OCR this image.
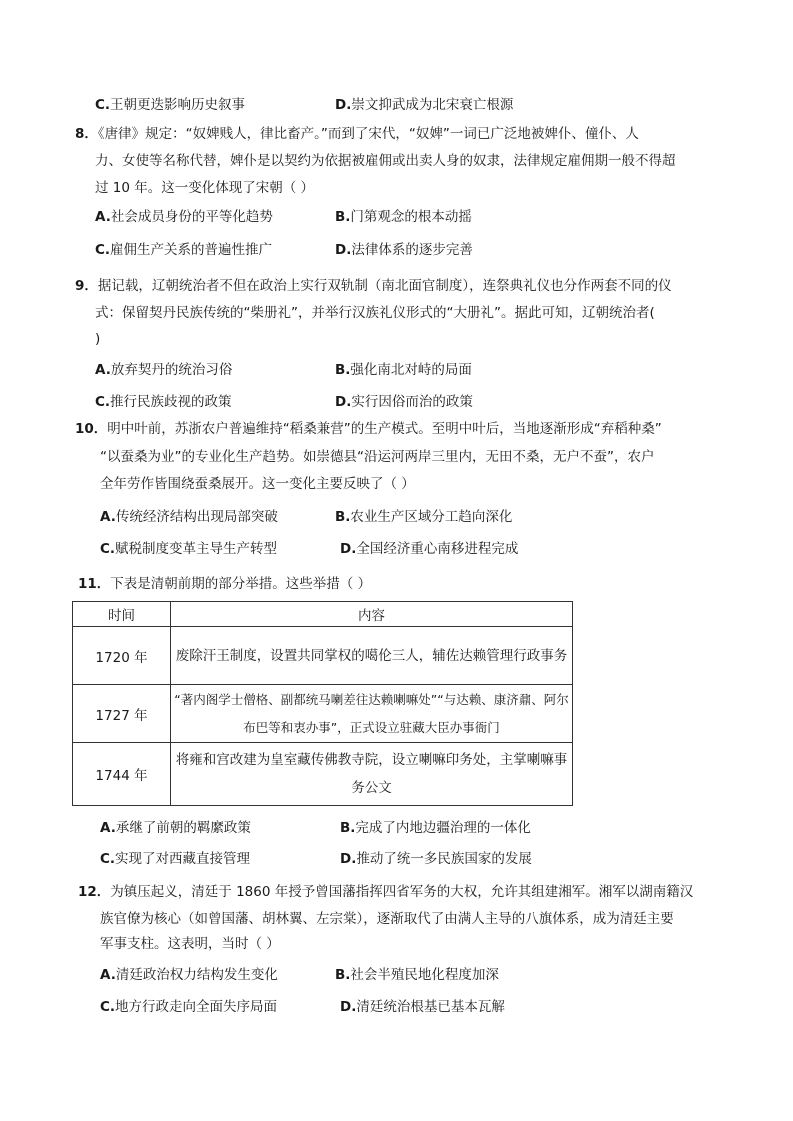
C.王朝更迭影响历史叙事	D.崇文抑武成为北宋衰亡根源
8．《唐律》规定：“奴婢贱人，律比畜产。”而到了宋代，“奴婢”一词已广泛地被婢仆、僮仆、人
力、女使等名称代替，婢仆是以契约为依据被雇佣或出卖人身的奴隶，法律规定雇佣期一般不得超
过 10 年。这一变化体现了宋朝（ ）
A.社会成员身份的平等化趋势	B.门第观念的根本动摇
C.雇佣生产关系的普遍性推广	D.法律体系的逐步完善
9．据记载，辽朝统治者不但在政治上实行双轨制（南北面官制度），连祭典礼仪也分作两套不同的仪
式：保留契丹民族传统的“柴册礼”，并举行汉族礼仪形式的“大册礼”。据此可知，辽朝统治者(
)
A.放弃契丹的统治习俗	B.强化南北对峙的局面
C.推行民族歧视的政策	D.实行因俗而治的政策
10．明中叶前，苏浙农户普遍维持“稻桑兼营”的生产模式。至明中叶后，当地逐渐形成“弃稻种桑”
“以蚕桑为业”的专业化生产趋势。如崇德县“沿运河两岸三里内，无田不桑，无户不蚕”，农户
全年劳作皆围绕蚕桑展开。这一变化主要反映了（ ）
A.传统经济结构出现局部突破	B.农业生产区域分工趋向深化
C.赋税制度变革主导生产转型	D.全国经济重心南移进程完成
11．下表是清朝前期的部分举措。这些举措（ ）
时间	内容
1720 年	废除汗王制度，设置共同掌权的噶伦三人，辅佐达赖管理行政事务
1727 年	“著内阁学士僧格、副都统马喇差往达赖喇嘛处”“与达赖、康济鼐、阿尔布巴等和衷办事”，正式设立驻藏大臣办事衙门
1744 年	将雍和宫改建为皇室藏传佛教寺院，设立喇嘛印务处，主掌喇嘛事务公文
A.承继了前朝的羁縻政策	B.完成了内地边疆治理的一体化
C.实现了对西藏直接管理	D.推动了统一多民族国家的发展
12．为镇压起义，清廷于 1860 年授予曾国藩指挥四省军务的大权，允许其组建湘军。湘军以湖南籍汉
族官僚为核心（如曾国藩、胡林翼、左宗棠），逐渐取代了由满人主导的八旗体系，成为清廷主要
军事支柱。这表明，当时（ ）
A.清廷政治权力结构发生变化	B.社会半殖民地化程度加深
C.地方行政走向全面失序局面	D.清廷统治根基已基本瓦解
